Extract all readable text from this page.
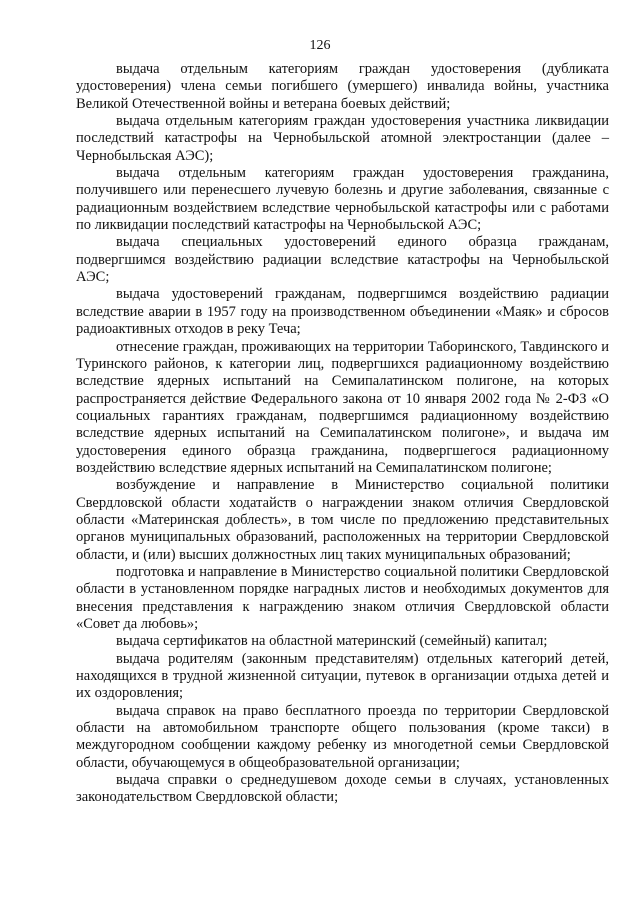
126

выдача отдельным категориям граждан удостоверения (дубликата удостоверения) члена семьи погибшего (умершего) инвалида войны, участника Великой Отечественной войны и ветерана боевых действий;

выдача отдельным категориям граждан удостоверения участника ликвидации последствий катастрофы на Чернобыльской атомной электростанции (далее – Чернобыльская АЭС);

выдача отдельным категориям граждан удостоверения гражданина, получившего или перенесшего лучевую болезнь и другие заболевания, связанные с радиационным воздействием вследствие чернобыльской катастрофы или с работами по ликвидации последствий катастрофы на Чернобыльской АЭС;

выдача специальных удостоверений единого образца гражданам, подвергшимся воздействию радиации вследствие катастрофы на Чернобыльской АЭС;

выдача удостоверений гражданам, подвергшимся воздействию радиации вследствие аварии в 1957 году на производственном объединении «Маяк» и сбросов радиоактивных отходов в реку Теча;

отнесение граждан, проживающих на территории Таборинского, Тавдинского и Туринского районов, к категории лиц, подвергшихся радиационному воздействию вследствие ядерных испытаний на Семипалатинском полигоне, на которых распространяется действие Федерального закона от 10 января 2002 года № 2-ФЗ «О социальных гарантиях гражданам, подвергшимся радиационному воздействию вследствие ядерных испытаний на Семипалатинском полигоне», и выдача им удостоверения единого образца гражданина, подвергшегося радиационному воздействию вследствие ядерных испытаний на Семипалатинском полигоне;

возбуждение и направление в Министерство социальной политики Свердловской области ходатайств о награждении знаком отличия Свердловской области «Материнская доблесть», в том числе по предложению представительных органов муниципальных образований, расположенных на территории Свердловской области, и (или) высших должностных лиц таких муниципальных образований;

подготовка и направление в Министерство социальной политики Свердловской области в установленном порядке наградных листов и необходимых документов для внесения представления к награждению знаком отличия Свердловской области «Совет да любовь»;

выдача сертификатов на областной материнский (семейный) капитал;

выдача родителям (законным представителям) отдельных категорий детей, находящихся в трудной жизненной ситуации, путевок в организации отдыха детей и их оздоровления;

выдача справок на право бесплатного проезда по территории Свердловской области на автомобильном транспорте общего пользования (кроме такси) в междугородном сообщении каждому ребенку из многодетной семьи Свердловской области, обучающемуся в общеобразовательной организации;

выдача справки о среднедушевом доходе семьи в случаях, установленных законодательством Свердловской области;
